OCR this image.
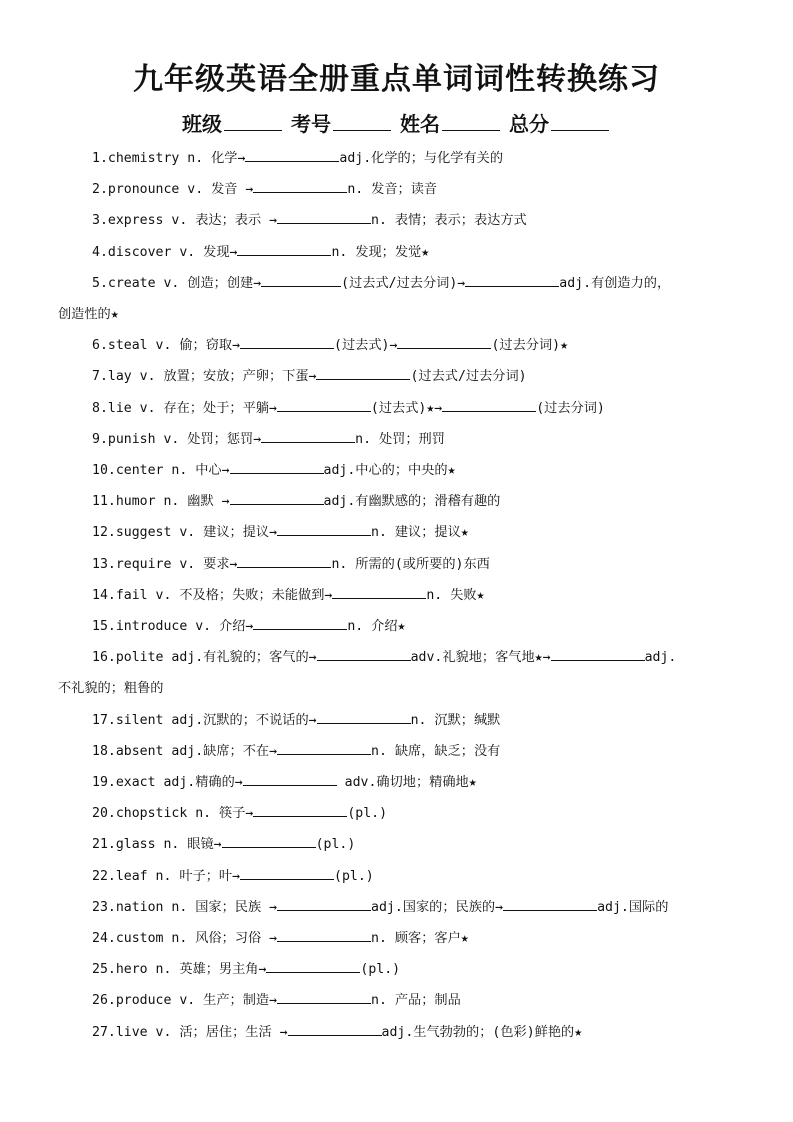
九年级英语全册重点单词词性转换练习
班级	考号	姓名	总分
1.chemistry n. 化学→	adj.化学的；与化学有关的
2.pronounce v. 发音 →	n. 发音；读音
3.express v. 表达；表示 →	n. 表情；表示；表达方式
4.discover v. 发现→	n. 发现；发觉★
5.create v. 创造；创建→	(过去式/过去分词)→	adj.有创造力的，
创造性的★
6.steal v. 偷；窃取→	(过去式)→	(过去分词)★
7.lay v. 放置；安放；产卵；下蛋→	(过去式/过去分词)
8.lie v. 存在；处于；平躺→	(过去式)★→	(过去分词)
9.punish v. 处罚；惩罚→	n. 处罚；刑罚
10.center n. 中心→	adj.中心的；中央的★
11.humor n. 幽默 →	adj.有幽默感的；滑稽有趣的
12.suggest v. 建议；提议→	n. 建议；提议★
13.require v. 要求→	n. 所需的(或所要的)东西
14.fail v. 不及格；失败；未能做到→	n. 失败★
15.introduce v. 介绍→	n. 介绍★
16.polite adj.有礼貌的；客气的→	adv.礼貌地；客气地★→	adj.
不礼貌的；粗鲁的
17.silent adj.沉默的；不说话的→	n. 沉默；缄默
18.absent adj.缺席；不在→	n. 缺席，缺乏；没有
19.exact adj.精确的→	adv.确切地；精确地★
20.chopstick n. 筷子→	(pl.)
21.glass n. 眼镜→	(pl.)
22.leaf n. 叶子；叶→	(pl.)
23.nation n. 国家；民族 →	adj.国家的；民族的→	adj.国际的
24.custom n. 风俗；习俗 →	n. 顾客；客户★
25.hero n. 英雄；男主角→	(pl.)
26.produce v. 生产；制造→	n. 产品；制品
27.live v. 活；居住；生活 →	adj.生气勃勃的；(色彩)鲜艳的★
